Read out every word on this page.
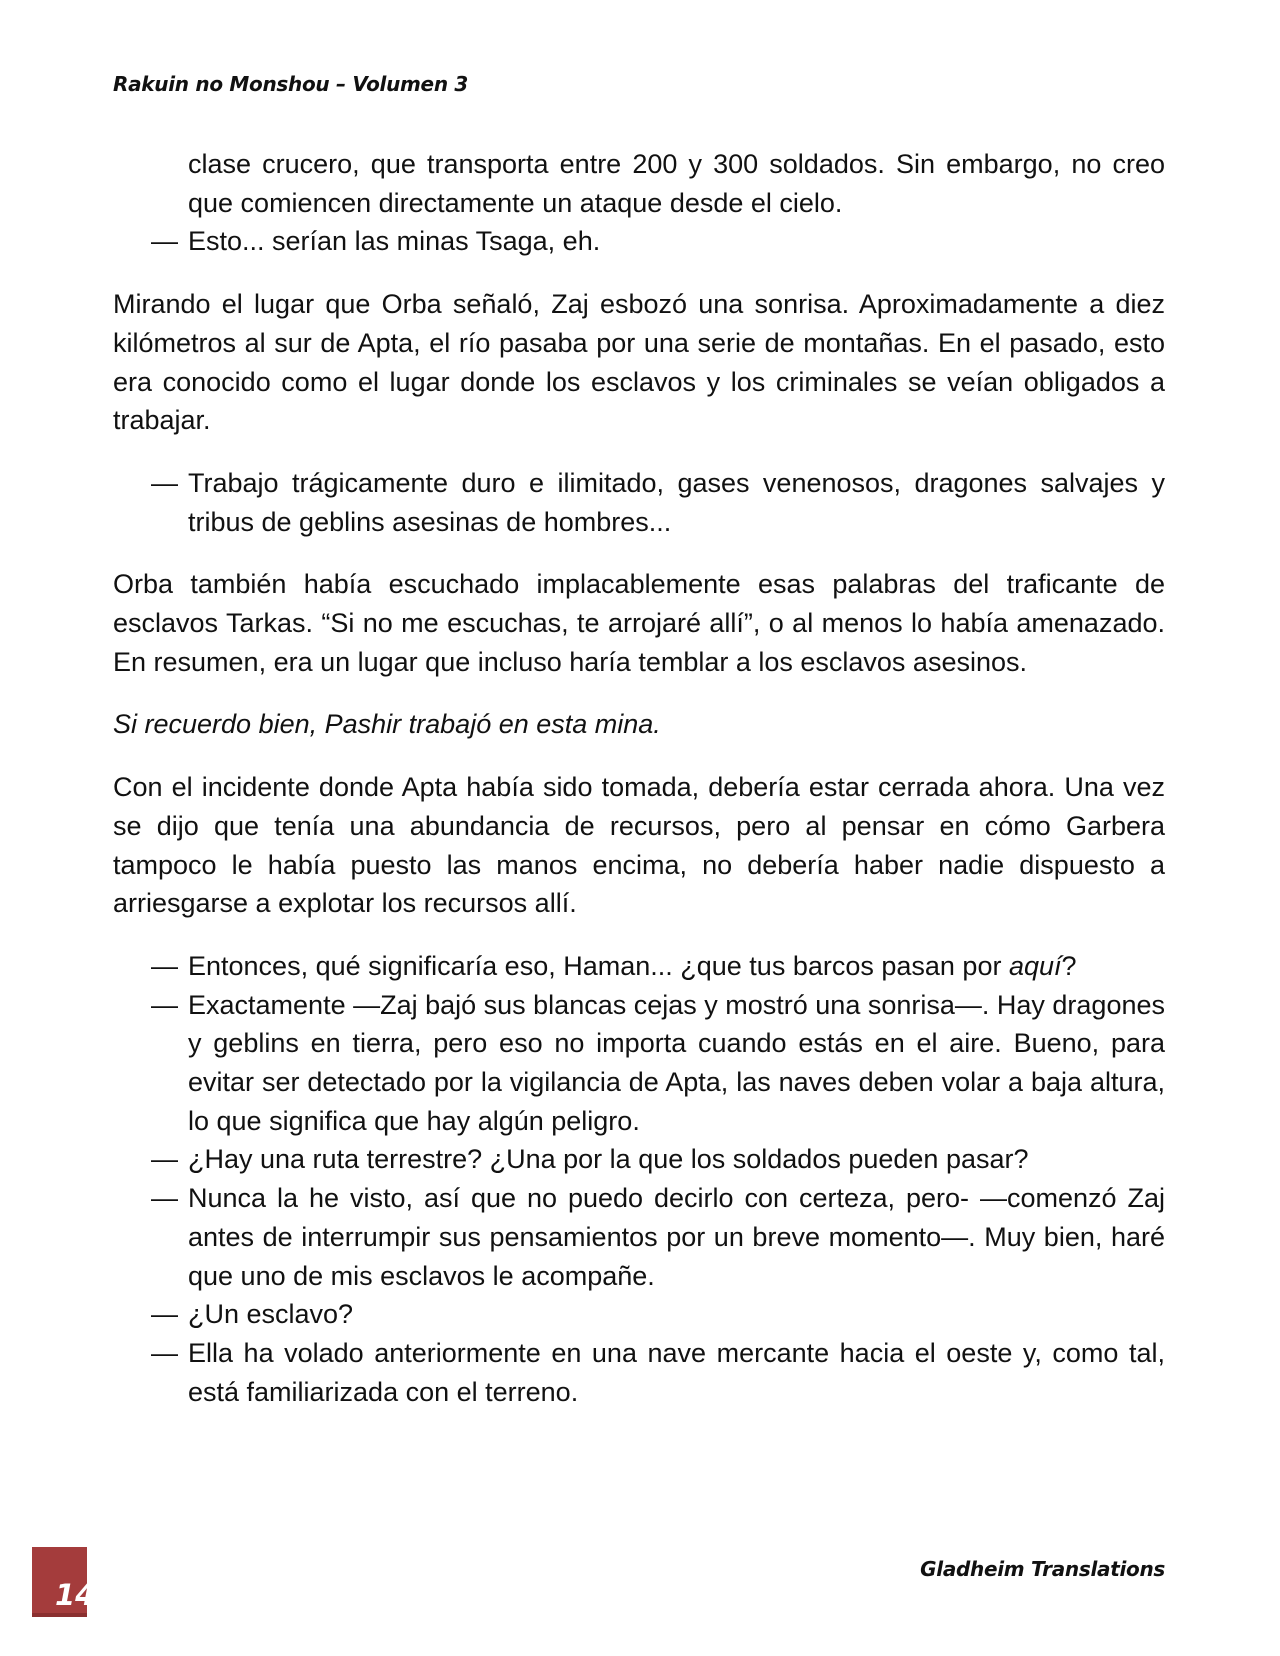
Rakuin no Monshou – Volumen 3

clase crucero, que transporta entre 200 y 300 soldados. Sin embargo, no creo que comiencen directamente un ataque desde el cielo.

— Esto... serían las minas Tsaga, eh.

Mirando el lugar que Orba señaló, Zaj esbozó una sonrisa. Aproximadamente a diez kilómetros al sur de Apta, el río pasaba por una serie de montañas. En el pasado, esto era conocido como el lugar donde los esclavos y los criminales se veían obligados a trabajar.

— Trabajo trágicamente duro e ilimitado, gases venenosos, dragones salvajes y tribus de geblins asesinas de hombres...

Orba también había escuchado implacablemente esas palabras del traficante de esclavos Tarkas. “Si no me escuchas, te arrojaré allí”, o al menos lo había amenazado. En resumen, era un lugar que incluso haría temblar a los esclavos asesinos.

Si recuerdo bien, Pashir trabajó en esta mina.

Con el incidente donde Apta había sido tomada, debería estar cerrada ahora. Una vez se dijo que tenía una abundancia de recursos, pero al pensar en cómo Garbera tampoco le había puesto las manos encima, no debería haber nadie dispuesto a arriesgarse a explotar los recursos allí.

— Entonces, qué significaría eso, Haman... ¿que tus barcos pasan por aquí?

— Exactamente —Zaj bajó sus blancas cejas y mostró una sonrisa—. Hay dragones y geblins en tierra, pero eso no importa cuando estás en el aire. Bueno, para evitar ser detectado por la vigilancia de Apta, las naves deben volar a baja altura, lo que significa que hay algún peligro.

— ¿Hay una ruta terrestre? ¿Una por la que los soldados pueden pasar?

— Nunca la he visto, así que no puedo decirlo con certeza, pero- —comenzó Zaj antes de interrumpir sus pensamientos por un breve momento—. Muy bien, haré que uno de mis esclavos le acompañe.

— ¿Un esclavo?

— Ella ha volado anteriormente en una nave mercante hacia el oeste y, como tal, está familiarizada con el terreno.

14
Gladheim Translations
